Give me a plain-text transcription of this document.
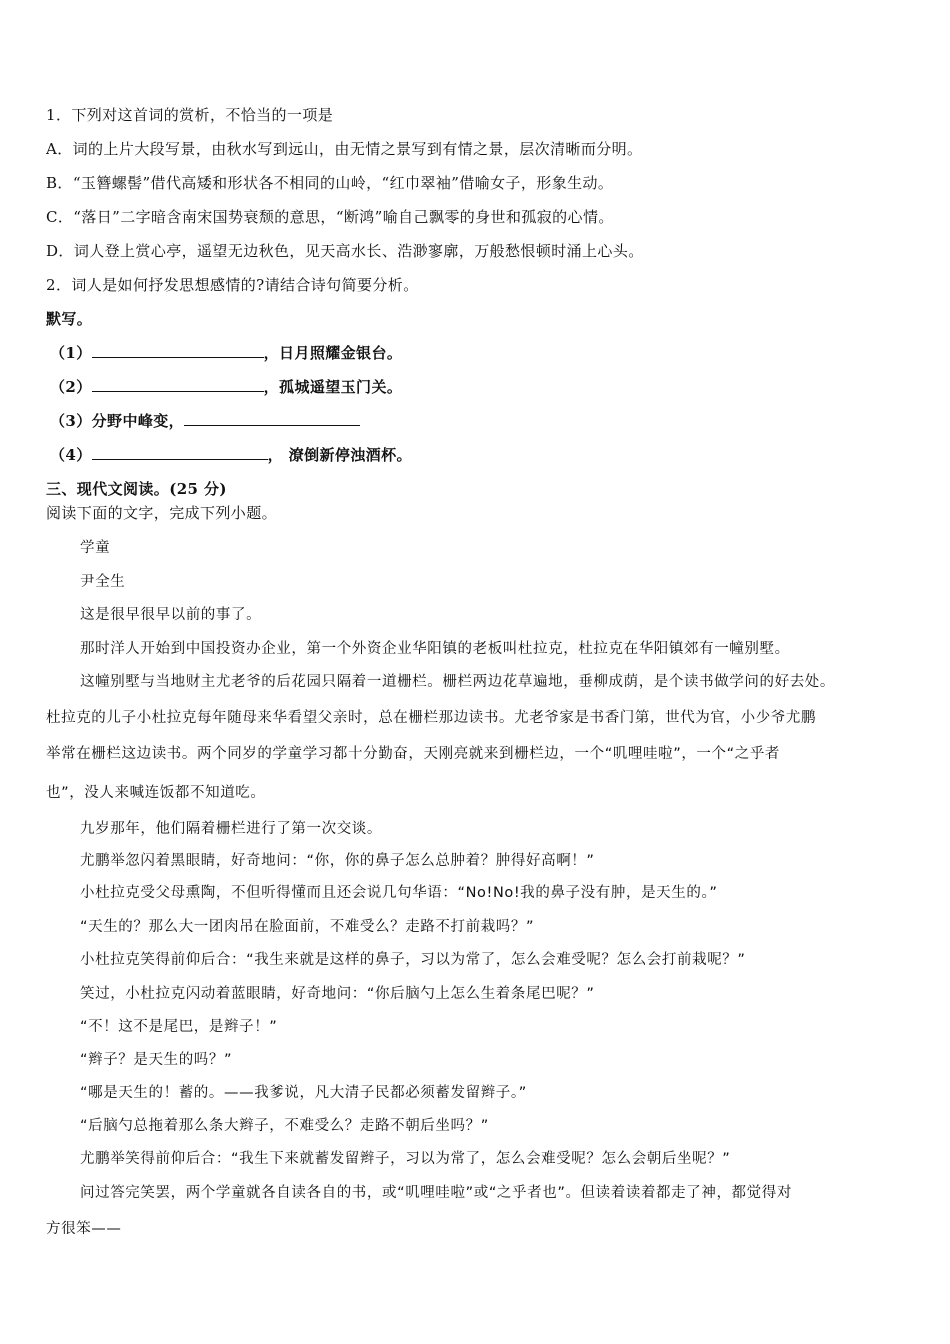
1．下列对这首词的赏析，不恰当的一项是
A．词的上片大段写景，由秋水写到远山，由无情之景写到有情之景，层次清晰而分明。
B．“玉簪螺髻”借代高矮和形状各不相同的山岭，“红巾翠袖”借喻女子，形象生动。
C．“落日”二字暗含南宋国势衰颓的意思，“断鸿”喻自己飘零的身世和孤寂的心情。
D．词人登上赏心亭，遥望无边秋色，见天高水长、浩渺寥廓，万般愁恨顿时涌上心头。
2．词人是如何抒发思想感情的?请结合诗句简要分析。
默写。
（1）	，日月照耀金银台。
（2）	，孤城遥望玉门关。
（3）分野中峰变，
（4）	， 潦倒新停浊酒杯。
三、现代文阅读。(25 分)
阅读下面的文字，完成下列小题。
学童
尹全生
这是很早很早以前的事了。
那时洋人开始到中国投资办企业，第一个外资企业华阳镇的老板叫杜拉克，杜拉克在华阳镇郊有一幢别墅。
这幢别墅与当地财主尤老爷的后花园只隔着一道栅栏。栅栏两边花草遍地，垂柳成荫，是个读书做学问的好去处。
杜拉克的儿子小杜拉克每年随母来华看望父亲时，总在栅栏那边读书。尤老爷家是书香门第，世代为官，小少爷尤鹏
举常在栅栏这边读书。两个同岁的学童学习都十分勤奋，天刚亮就来到栅栏边，一个“叽哩哇啦”，一个“之乎者
也”，没人来喊连饭都不知道吃。
九岁那年，他们隔着栅栏进行了第一次交谈。
尤鹏举忽闪着黑眼睛，好奇地问：“你，你的鼻子怎么总肿着？肿得好高啊！”
小杜拉克受父母熏陶，不但听得懂而且还会说几句华语：“No!No!我的鼻子没有肿，是天生的。”
“天生的？那么大一团肉吊在脸面前，不难受么？走路不打前栽吗？”
小杜拉克笑得前仰后合：“我生来就是这样的鼻子，习以为常了，怎么会难受呢？怎么会打前栽呢？”
笑过，小杜拉克闪动着蓝眼睛，好奇地问：“你后脑勺上怎么生着条尾巴呢？”
“不！这不是尾巴，是辫子！”
“辫子？是天生的吗？”
“哪是天生的！蓄的。——我爹说，凡大清子民都必须蓄发留辫子。”
“后脑勺总拖着那么条大辫子，不难受么？走路不朝后坐吗？”
尤鹏举笑得前仰后合：“我生下来就蓄发留辫子，习以为常了，怎么会难受呢？怎么会朝后坐呢？”
问过答完笑罢，两个学童就各自读各自的书，或“叽哩哇啦”或“之乎者也”。但读着读着都走了神，都觉得对
方很笨——
